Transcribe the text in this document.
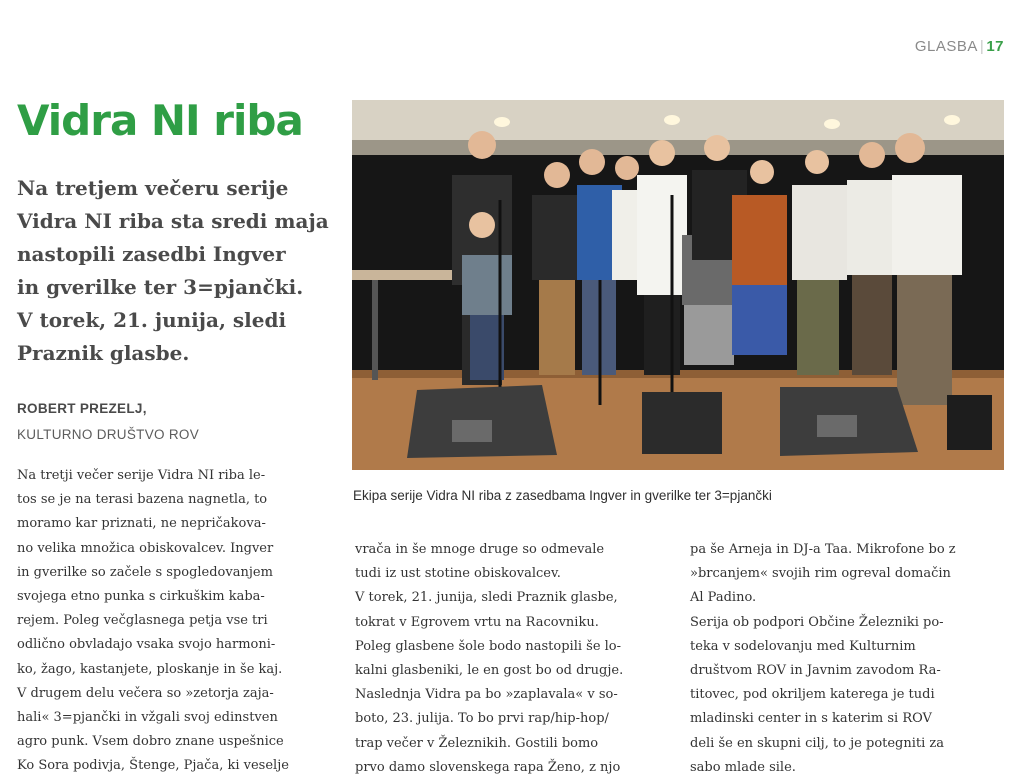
GLASBA | 17
Vidra NI riba

Na tretjem večeru serije
Vidra NI riba sta sredi maja
nastopili zasedbi Ingver
in gverilke ter 3=pjančki.
V torek, 21. junija, sledi
Praznik glasbe.

ROBERT PREZELJ,
KULTURNO DRUŠTVO ROV

Na tretji večer serije Vidra NI riba le-
tos se je na terasi bazena nagnetla, to
moramo kar priznati, ne nepričakova-
no velika množica obiskovalcev. Ingver
in gverilke so začele s spogledovanjem
svojega etno punka s cirkuškim kaba-
rejem. Poleg večglasnega petja vse tri
odlično obvladajo vsaka svojo harmoni-
ko, žago, kastanjete, ploskanje in še kaj.
V drugem delu večera so »zetorja zaja-
hali« 3=pjančki in vžgali svoj edinstven
agro punk. Vsem dobro znane uspešnice
Ko Sora podivja, Štenge, Pjača, ki veselje

Ekipa serije Vidra NI riba z zasedbama Ingver in gverilke ter 3=pjančki

vrača in še mnoge druge so odmevale
tudi iz ust stotine obiskovalcev.
V torek, 21. junija, sledi Praznik glasbe,
tokrat v Egrovem vrtu na Racovniku.
Poleg glasbene šole bodo nastopili še lo-
kalni glasbeniki, le en gost bo od drugje.
Naslednja Vidra pa bo »zaplavala« v so-
boto, 23. julija. To bo prvi rap/hip-hop/
trap večer v Železnikih. Gostili bomo
prvo damo slovenskega rapa Ženo, z njo

pa še Arneja in DJ-a Taa. Mikrofone bo z
»brcanjem« svojih rim ogreval domačin
Al Padino.
Serija ob podpori Občine Železniki po-
teka v sodelovanju med Kulturnim
društvom ROV in Javnim zavodom Ra-
titovec, pod okriljem katerega je tudi
mladinski center in s katerim si ROV
deli še en skupni cilj, to je potegniti za
sabo mlade sile.
